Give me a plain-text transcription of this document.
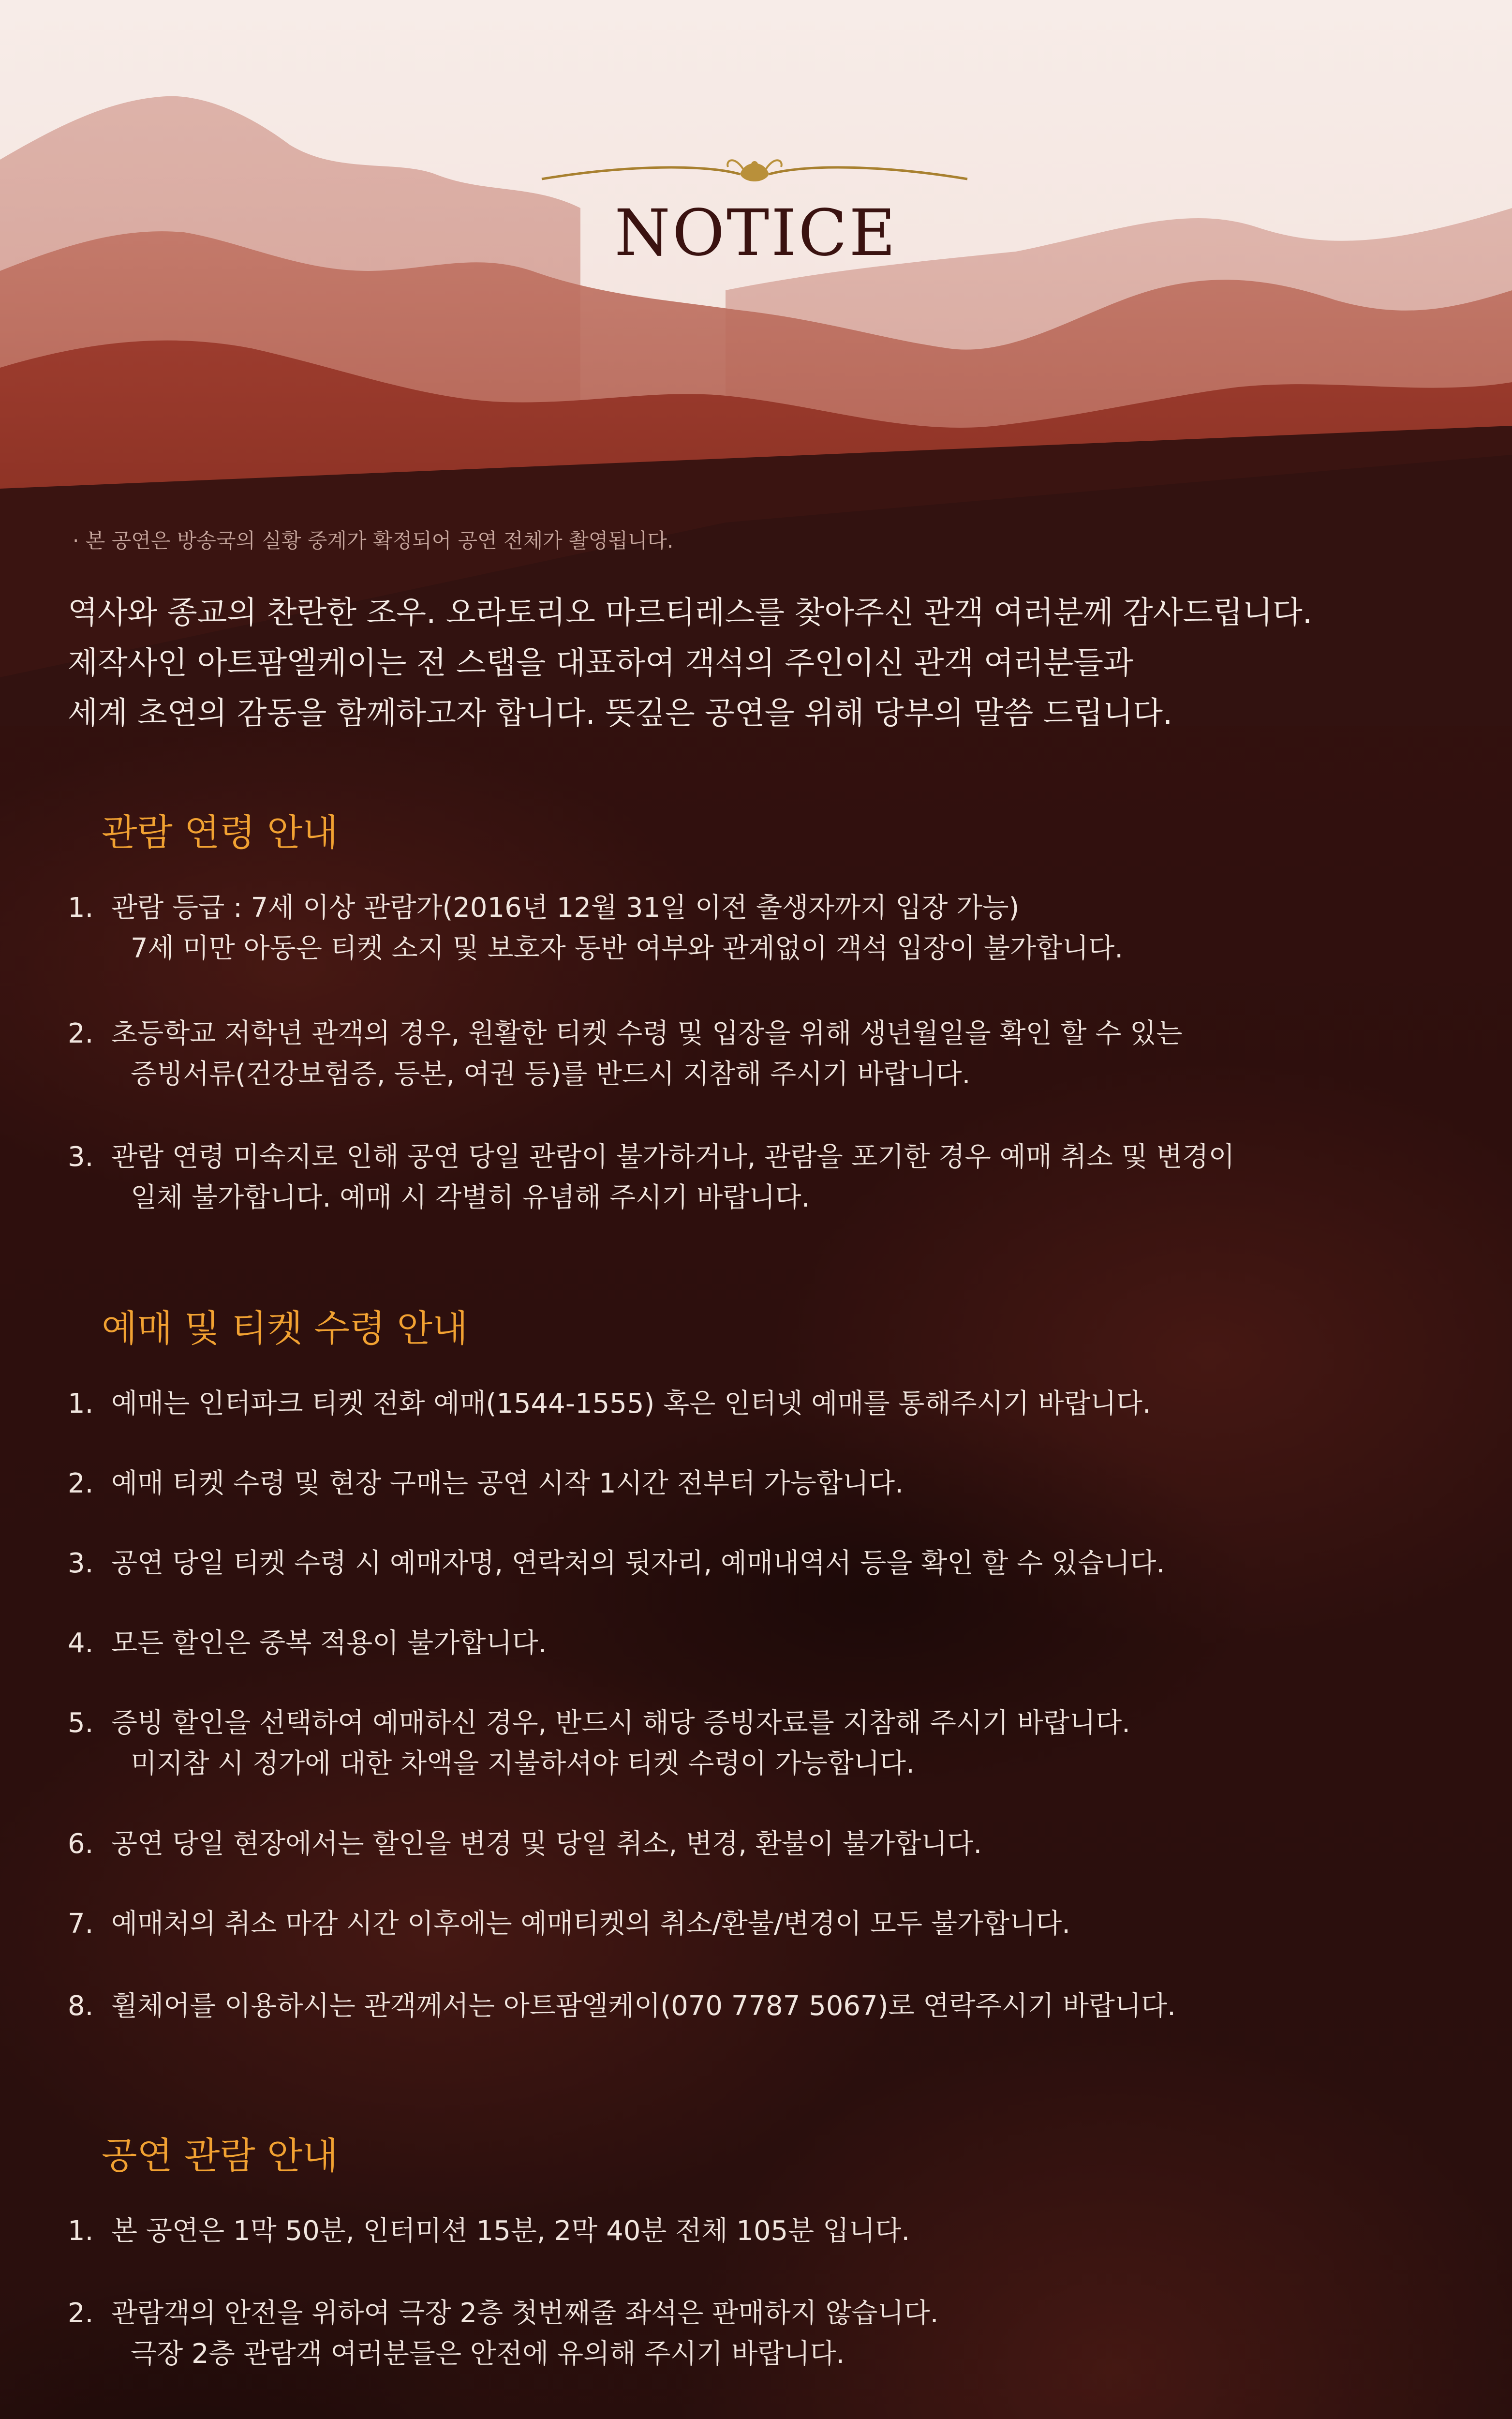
NOTICE
· 본 공연은 방송국의 실황 중계가 확정되어 공연 전체가 촬영됩니다.
역사와 종교의 찬란한 조우. 오라토리오 마르티레스를 찾아주신 관객 여러분께 감사드립니다.
제작사인 아트팜엘케이는 전 스탭을 대표하여 객석의 주인이신 관객 여러분들과
세계 초연의 감동을 함께하고자 합니다. 뜻깊은 공연을 위해 당부의 말씀 드립니다.
관람 연령 안내
1. 관람 등급 : 7세 이상 관람가(2016년 12월 31일 이전 출생자까지 입장 가능)
7세 미만 아동은 티켓 소지 및 보호자 동반 여부와 관계없이 객석 입장이 불가합니다.
2. 초등학교 저학년 관객의 경우, 원활한 티켓 수령 및 입장을 위해 생년월일을 확인 할 수 있는
증빙서류(건강보험증, 등본, 여권 등)를 반드시 지참해 주시기 바랍니다.
3. 관람 연령 미숙지로 인해 공연 당일 관람이 불가하거나, 관람을 포기한 경우 예매 취소 및 변경이
일체 불가합니다. 예매 시 각별히 유념해 주시기 바랍니다.
예매 및 티켓 수령 안내
1. 예매는 인터파크 티켓 전화 예매(1544-1555) 혹은 인터넷 예매를 통해주시기 바랍니다.
2. 예매 티켓 수령 및 현장 구매는 공연 시작 1시간 전부터 가능합니다.
3. 공연 당일 티켓 수령 시 예매자명, 연락처의 뒷자리, 예매내역서 등을 확인 할 수 있습니다.
4. 모든 할인은 중복 적용이 불가합니다.
5. 증빙 할인을 선택하여 예매하신 경우, 반드시 해당 증빙자료를 지참해 주시기 바랍니다.
미지참 시 정가에 대한 차액을 지불하셔야 티켓 수령이 가능합니다.
6. 공연 당일 현장에서는 할인을 변경 및 당일 취소, 변경, 환불이 불가합니다.
7. 예매처의 취소 마감 시간 이후에는 예매티켓의 취소/환불/변경이 모두 불가합니다.
8. 휠체어를 이용하시는 관객께서는 아트팜엘케이(070 7787 5067)로 연락주시기 바랍니다.
공연 관람 안내
1. 본 공연은 1막 50분, 인터미션 15분, 2막 40분 전체 105분 입니다.
2. 관람객의 안전을 위하여 극장 2층 첫번째줄 좌석은 판매하지 않습니다.
극장 2층 관람객 여러분들은 안전에 유의해 주시기 바랍니다.
